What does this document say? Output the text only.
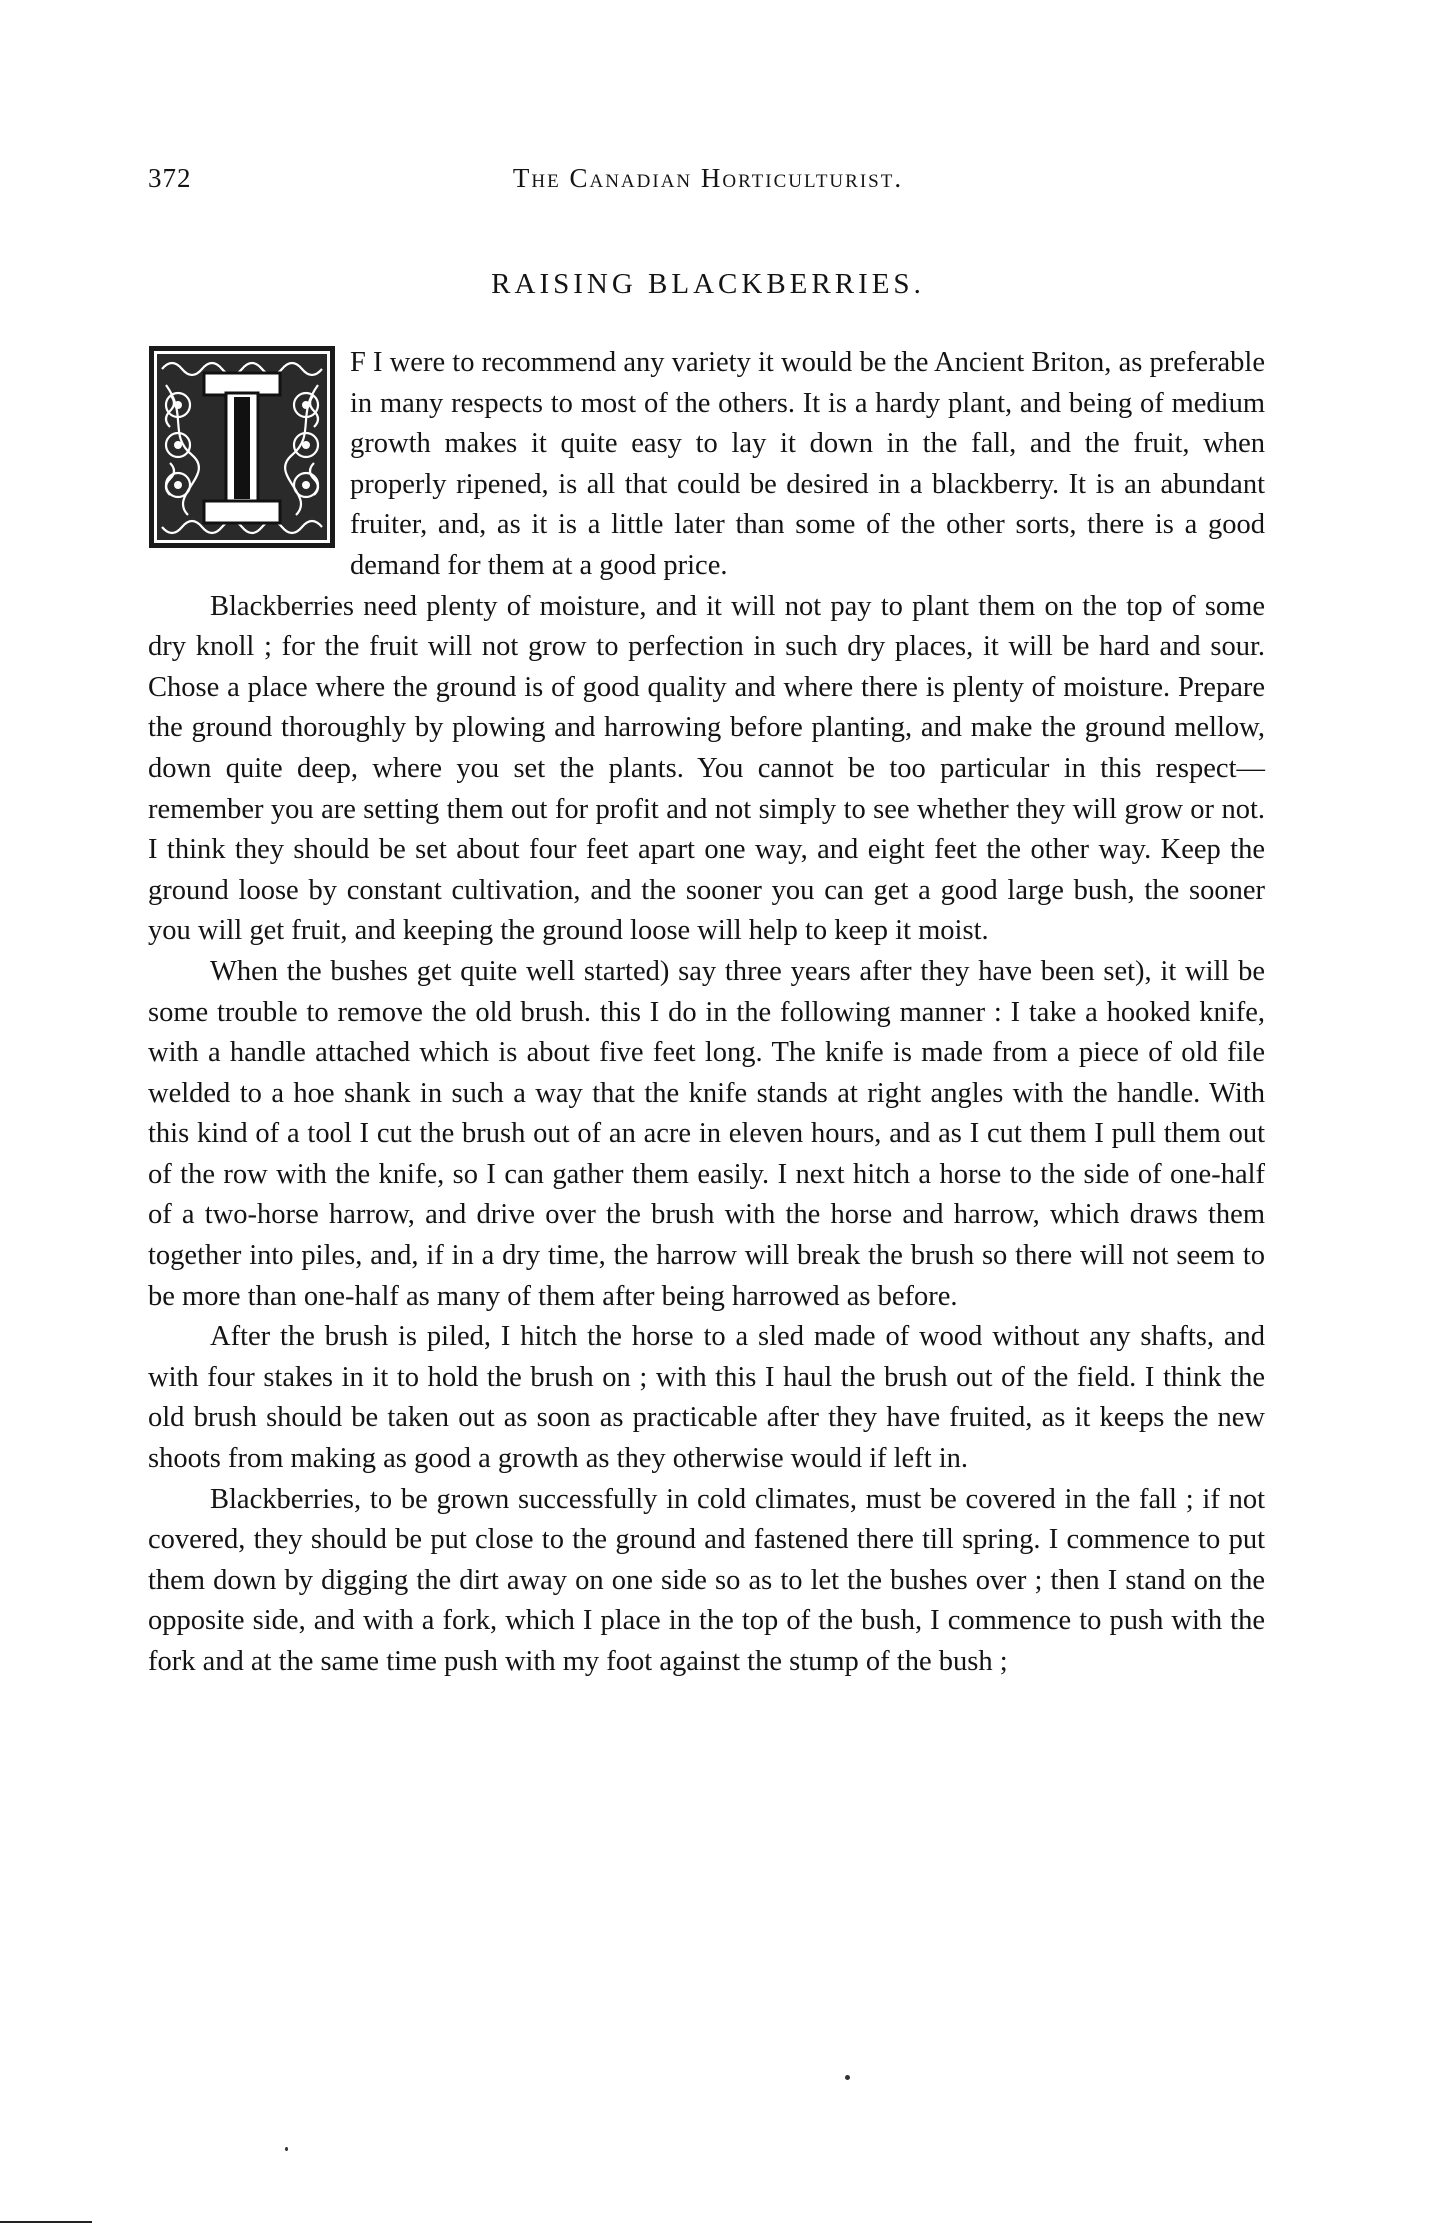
372	The Canadian Horticulturist.
RAISING BLACKBERRIES.

F I were to recommend any variety it would be the Ancient Briton, as preferable in many respects to most of the others. It is a hardy plant, and being of medium growth makes it quite easy to lay it down in the fall, and the fruit, when properly ripened, is all that could be desired in a blackberry. It is an abundant fruiter, and, as it is a little later than some of the other sorts, there is a good demand for them at a good price.

Blackberries need plenty of moisture, and it will not pay to plant them on the top of some dry knoll ; for the fruit will not grow to perfection in such dry places, it will be hard and sour. Chose a place where the ground is of good quality and where there is plenty of moisture. Prepare the ground thoroughly by plowing and harrowing before planting, and make the ground mellow, down quite deep, where you set the plants. You cannot be too particular in this respect—remember you are setting them out for profit and not simply to see whether they will grow or not. I think they should be set about four feet apart one way, and eight feet the other way. Keep the ground loose by constant cultivation, and the sooner you can get a good large bush, the sooner you will get fruit, and keeping the ground loose will help to keep it moist.

When the bushes get quite well started) say three years after they have been set), it will be some trouble to remove the old brush. this I do in the following manner : I take a hooked knife, with a handle attached which is about five feet long. The knife is made from a piece of old file welded to a hoe shank in such a way that the knife stands at right angles with the handle. With this kind of a tool I cut the brush out of an acre in eleven hours, and as I cut them I pull them out of the row with the knife, so I can gather them easily. I next hitch a horse to the side of one-half of a two-horse harrow, and drive over the brush with the horse and harrow, which draws them together into piles, and, if in a dry time, the harrow will break the brush so there will not seem to be more than one-half as many of them after being harrowed as before.

After the brush is piled, I hitch the horse to a sled made of wood without any shafts, and with four stakes in it to hold the brush on ; with this I haul the brush out of the field. I think the old brush should be taken out as soon as practicable after they have fruited, as it keeps the new shoots from making as good a growth as they otherwise would if left in.

Blackberries, to be grown successfully in cold climates, must be covered in the fall ; if not covered, they should be put close to the ground and fastened there till spring. I commence to put them down by digging the dirt away on one side so as to let the bushes over ; then I stand on the opposite side, and with a fork, which I place in the top of the bush, I commence to push with the fork and at the same time push with my foot against the stump of the bush ;
